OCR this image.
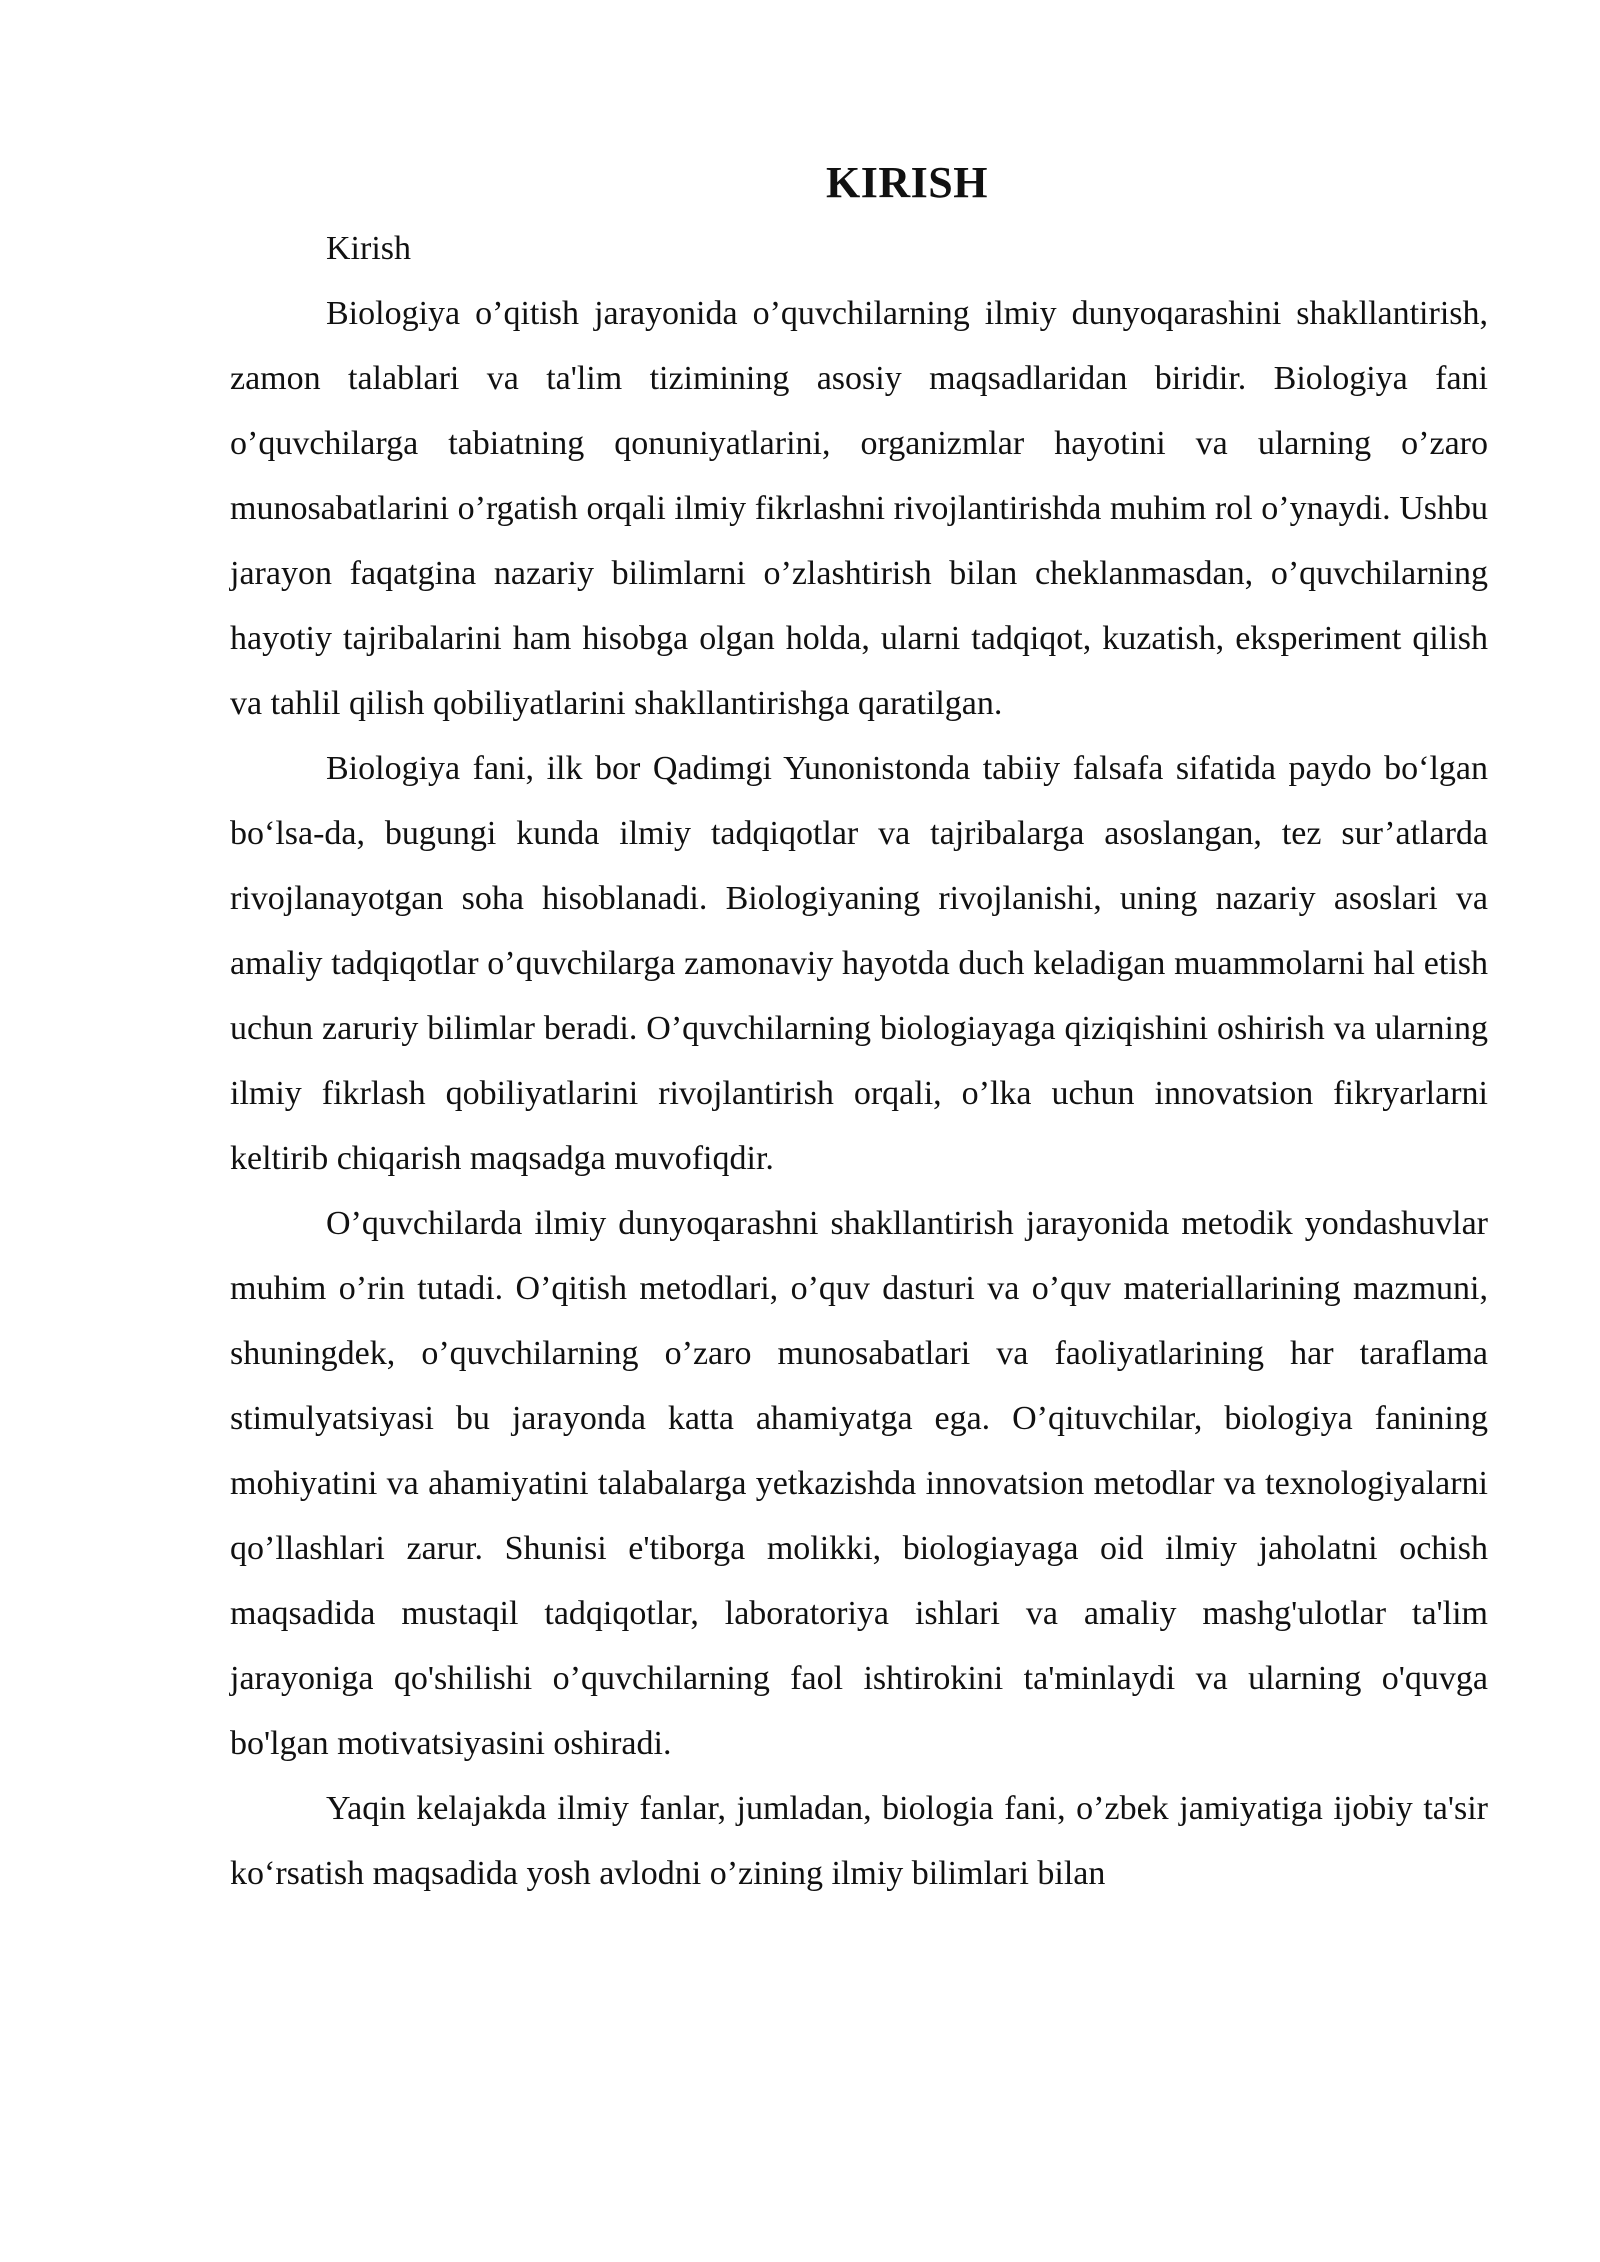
KIRISH

Kirish

Biologiya o’qitish jarayonida o’quvchilarning ilmiy dunyoqarashini shakllantirish, zamon talablari va ta'lim tizimining asosiy maqsadlaridan biridir. Biologiya fani o’quvchilarga tabiatning qonuniyatlarini, organizmlar hayotini va ularning o’zaro munosabatlarini o’rgatish orqali ilmiy fikrlashni rivojlantirishda muhim rol o’ynaydi. Ushbu jarayon faqatgina nazariy bilimlarni o’zlashtirish bilan cheklanmasdan, o’quvchilarning hayotiy tajribalarini ham hisobga olgan holda, ularni tadqiqot, kuzatish, eksperiment qilish va tahlil qilish qobiliyatlarini shakllantirishga qaratilgan.

Biologiya fani, ilk bor Qadimgi Yunonistonda tabiiy falsafa sifatida paydo bo‘lgan bo‘lsa-da, bugungi kunda ilmiy tadqiqotlar va tajribalarga asoslangan, tez sur’atlarda rivojlanayotgan soha hisoblanadi. Biologiyaning rivojlanishi, uning nazariy asoslari va amaliy tadqiqotlar o’quvchilarga zamonaviy hayotda duch keladigan muammolarni hal etish uchun zaruriy bilimlar beradi. O’quvchilarning biologiayaga qiziqishini oshirish va ularning ilmiy fikrlash qobiliyatlarini rivojlantirish orqali, o’lka uchun innovatsion fikryarlarni keltirib chiqarish maqsadga muvofiqdir.

O’quvchilarda ilmiy dunyoqarashni shakllantirish jarayonida metodik yondashuvlar muhim o’rin tutadi. O’qitish metodlari, o’quv dasturi va o’quv materiallarining mazmuni, shuningdek, o’quvchilarning o’zaro munosabatlari va faoliyatlarining har taraflama stimulyatsiyasi bu jarayonda katta ahamiyatga ega. O’qituvchilar, biologiya fanining mohiyatini va ahamiyatini talabalarga yetkazishda innovatsion metodlar va texnologiyalarni qo’llashlari zarur. Shunisi e'tiborga molikki, biologiayaga oid ilmiy jaholatni ochish maqsadida mustaqil tadqiqotlar, laboratoriya ishlari va amaliy mashg'ulotlar ta'lim jarayoniga qo'shilishi o’quvchilarning faol ishtirokini ta'minlaydi va ularning o'quvga bo'lgan motivatsiyasini oshiradi.

Yaqin kelajakda ilmiy fanlar, jumladan, biologia fani, o’zbek jamiyatiga ijobiy ta'sir ko‘rsatish maqsadida yosh avlodni o’zining ilmiy bilimlari bilan
